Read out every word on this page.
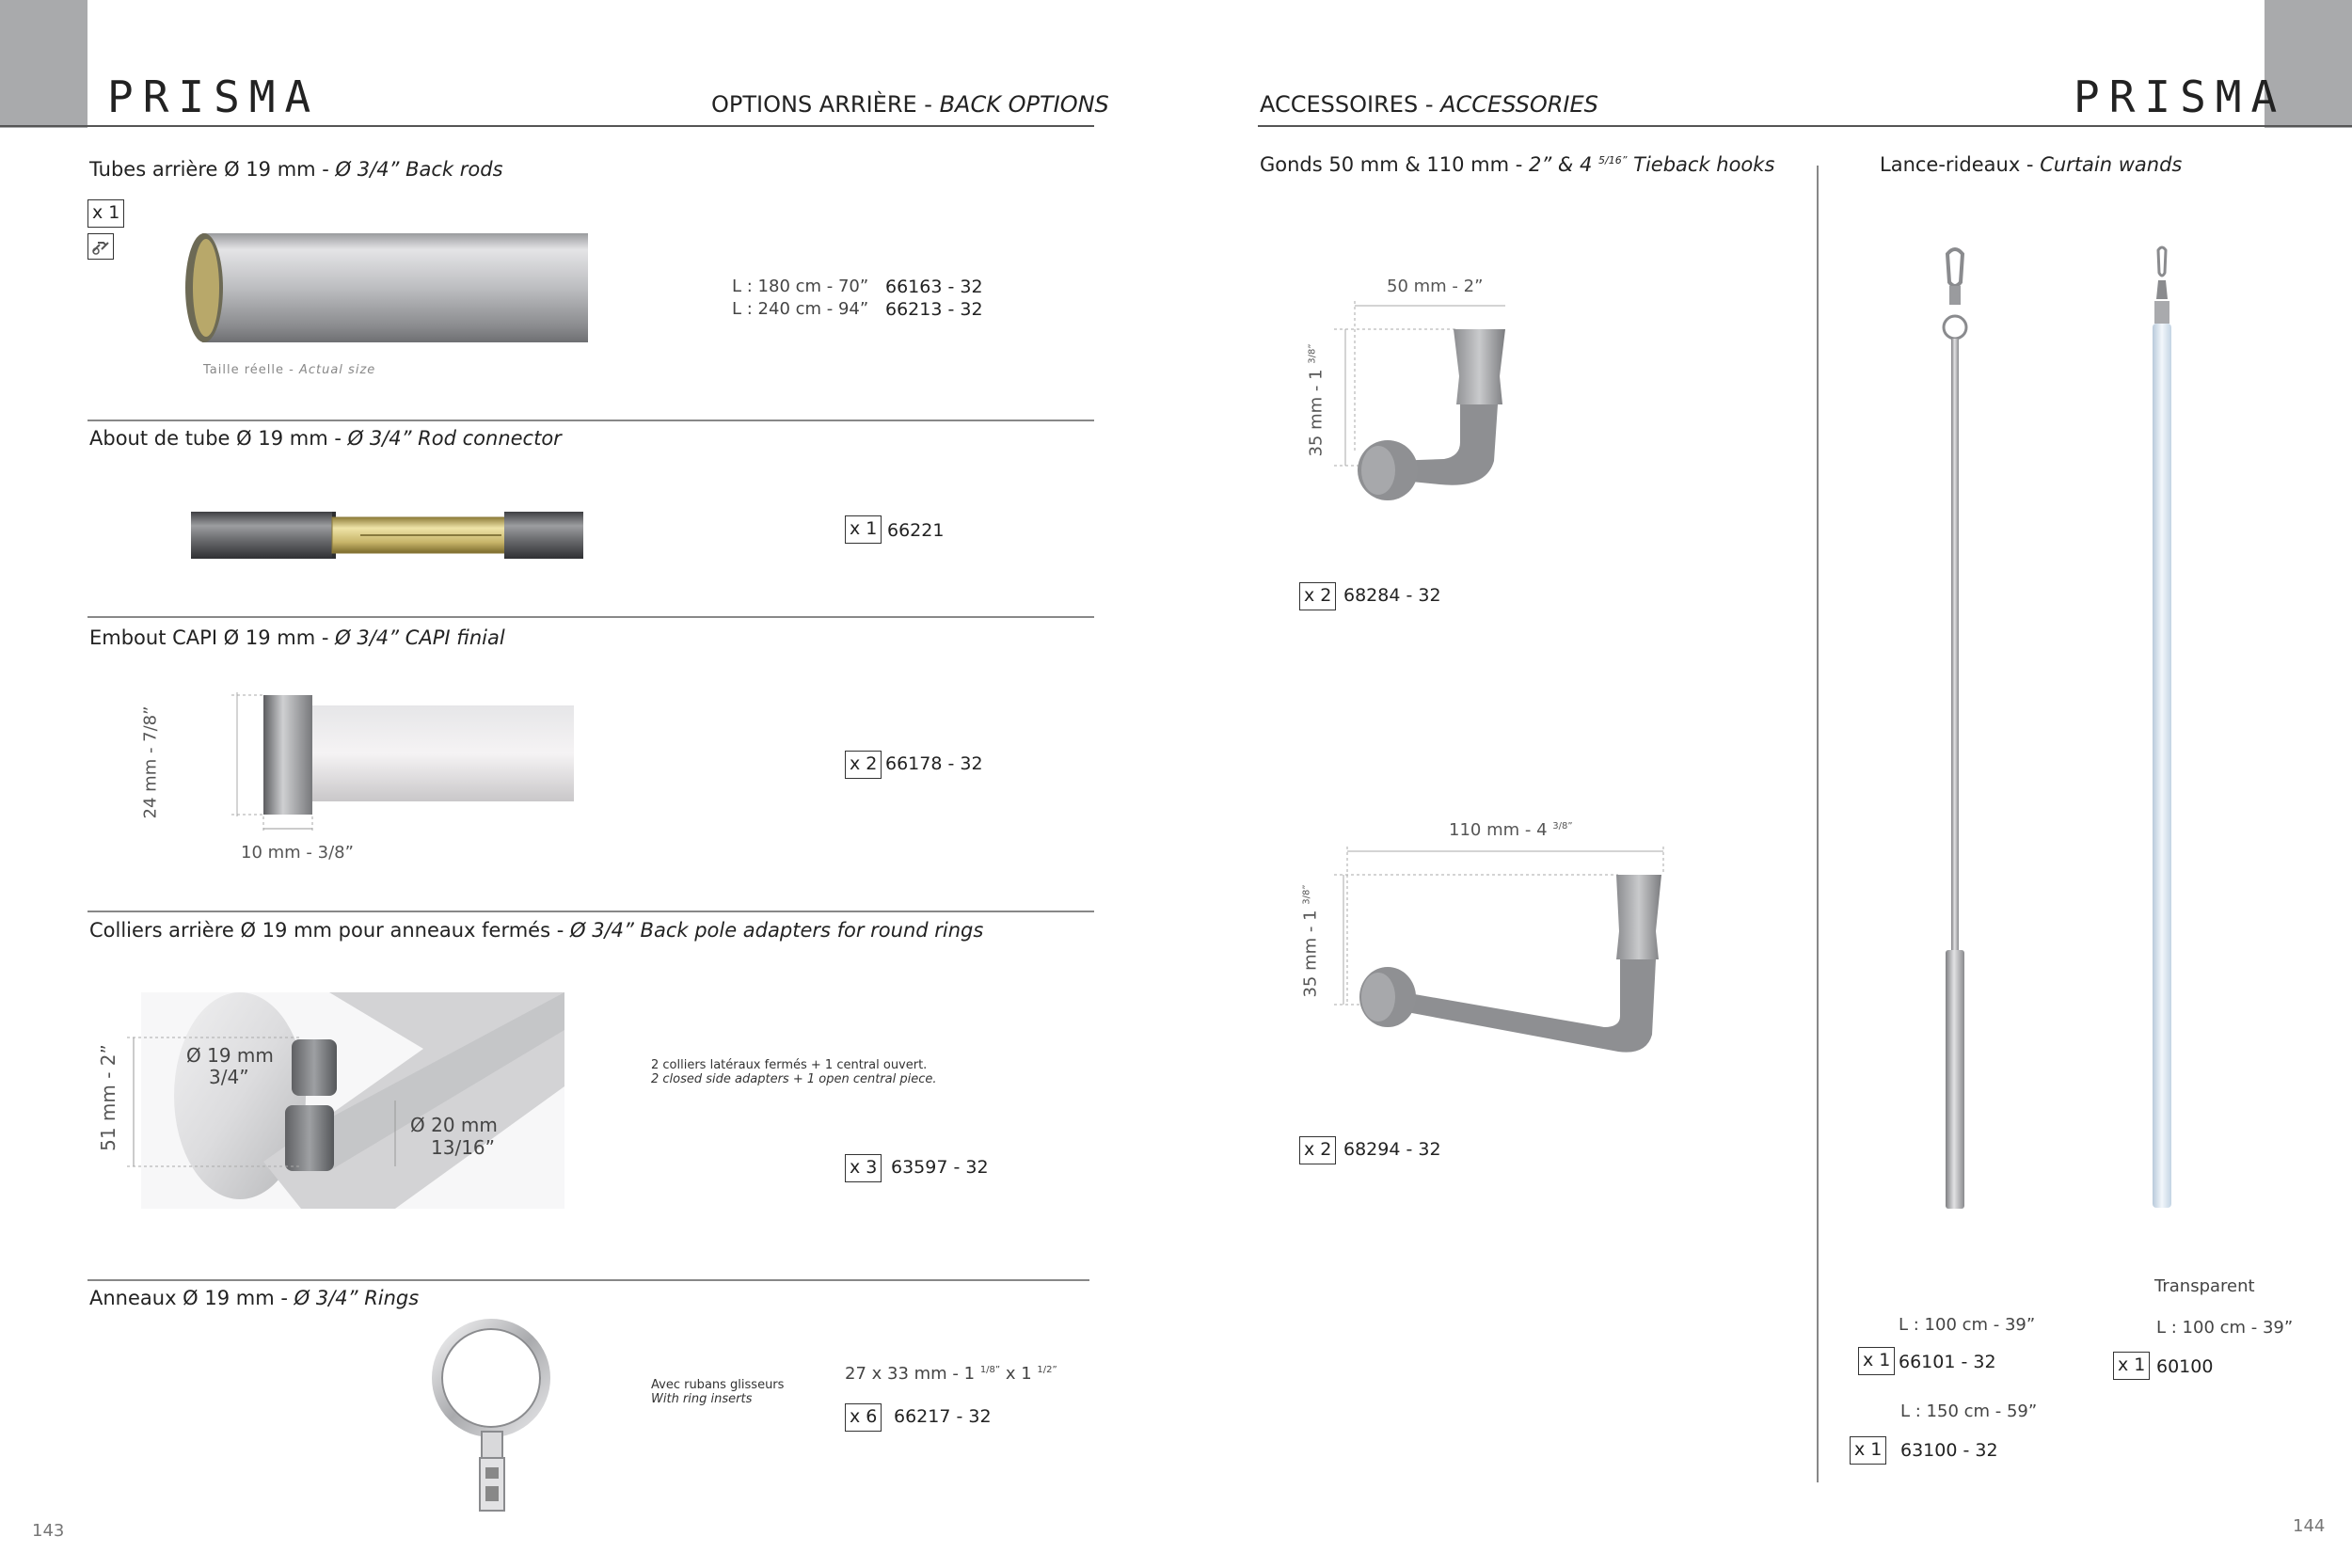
PRISMA	OPTIONS ARRIÈRE - BACK OPTIONS
Tubes arrière Ø 19 mm - Ø 3/4” Back rods
x 1
Taille réelle - Actual size
L : 180 cm - 70”
L : 240 cm - 94”
66163 - 32
66213 - 32
About de tube Ø 19 mm - Ø 3/4” Rod connector
x 1 66221
Embout CAPI Ø 19 mm - Ø 3/4” CAPI finial
24 mm - 7/8”
10 mm - 3/8”
x 2 66178 - 32
Colliers arrière Ø 19 mm pour anneaux fermés - Ø 3/4” Back pole adapters for round rings
51 mm - 2”	Ø 19 mm
3/4”
Ø 20 mm
13/16”
2 colliers latéraux fermés + 1 central ouvert.
2 closed side adapters + 1 open central piece.
x 3 63597 - 32
Anneaux Ø 19 mm - Ø 3/4” Rings
Avec rubans glisseurs
With ring inserts
27 x 33 mm - 1 $^{1/8”}$ x 1 $^{1/2”}$
x 6 66217 - 32
143
PRISMA
ACCESSOIRES - ACCESSORIES
Gonds 50 mm & 110 mm - 2” & 4 $^{5/16”}$ Tieback hooks
50 mm - 2”
35 mm - 1 $^{3/8”}$
x 2 68284 - 32
110 mm - 4 $^{3/8”}$
35 mm - 1 $^{3/8”}$
x 2 68294 - 32
Lance-rideaux - Curtain wands
Transparent
L : 100 cm - 39”
x 1 66101 - 32
L : 150 cm - 59”
x 1 63100 - 32
L : 100 cm - 39”
x 1 60100
144
